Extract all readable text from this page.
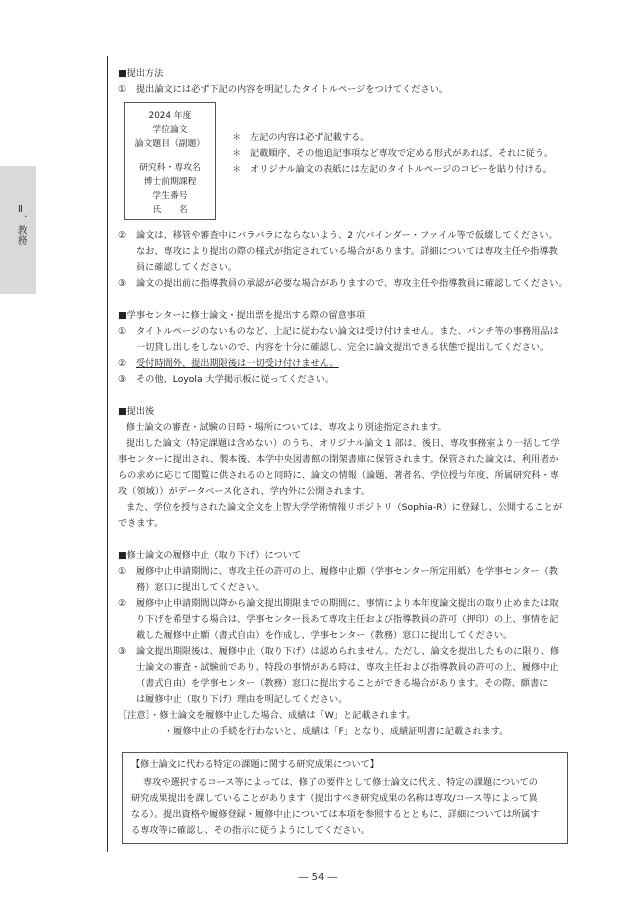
Ⅱ．教務
■提出方法
① 提出論文には必ず下記の内容を明記したタイトルページをつけてください。
2024 年度
学位論文
論文題目（副題）
研究科・専攻名
博士前期課程
学生番号
氏　　名
＊ 左記の内容は必ず記載する。
＊ 記載順序、その他追記事項など専攻で定める形式があれば、それに従う。
＊ オリジナル論文の表紙には左記のタイトルページのコピーを貼り付ける。
② 論文は、移管や審査中にバラバラにならないよう、2 穴バインダー・ファイル等で仮綴してください。
なお、専攻により提出の際の様式が指定されている場合があります。詳細については専攻主任や指導教
員に確認してください。
③ 論文の提出前に指導教員の承認が必要な場合がありますので、専攻主任や指導教員に確認してください。
■学事センターに修士論文・提出票を提出する際の留意事項
① タイトルページのないものなど、上記に従わない論文は受け付けません。また、パンチ等の事務用品は
一切貸し出しをしないので、内容を十分に確認し、完全に論文提出できる状態で提出してください。
② 受付時間外、提出期限後は一切受け付けません。
③ その他、Loyola 大学掲示板に従ってください。
■提出後
修士論文の審査・試験の日時・場所については、専攻より別途指定されます。
提出した論文（特定課題は含めない）のうち、オリジナル論文 1 部は、後日、専攻事務室より一括して学
事センターに提出され、製本後、本学中央図書館の閉架書庫に保管されます。保管された論文は、利用者か
らの求めに応じて閲覧に供されるのと同時に、論文の情報（論題、著者名、学位授与年度、所属研究科・専
攻（領域））がデータベース化され、学内外に公開されます。
また、学位を授与された論文全文を上智大学学術情報リポジトリ（Sophia-R）に登録し、公開することが
できます。
■修士論文の履修中止（取り下げ）について
① 履修中止申請期間に、専攻主任の許可の上、履修中止願（学事センター所定用紙）を学事センター（教
務）窓口に提出してください。
② 履修中止申請期間以降から論文提出期限までの期間に、事情により本年度論文提出の取り止めまたは取
り下げを希望する場合は、学事センター長あて専攻主任および指導教員の許可（押印）の上、事情を記
載した履修中止願（書式自由）を作成し、学事センター（教務）窓口に提出してください。
③ 論文提出期限後は、履修中止（取り下げ）は認められません。ただし、論文を提出したものに限り、修
士論文の審査・試験前であり、特段の事情がある時は、専攻主任および指導教員の許可の上、履修中止
（書式自由）を学事センター（教務）窓口に提出することができる場合があります。その際、願書に
は履修中止（取り下げ）理由を明記してください。
［注意］・修士論文を履修中止した場合、成績は「W」と記載されます。
・履修中止の手続を行わないと、成績は「F」となり、成績証明書に記載されます。
【修士論文に代わる特定の課題に関する研究成果について】
専攻や選択するコース等によっては、修了の要件として修士論文に代え、特定の課題についての
研究成果提出を課していることがあります（提出すべき研究成果の名称は専攻/コース等によって異
なる）。提出資格や履修登録・履修中止については本項を参照するとともに、詳細については所属す
る専攻等に確認し、その指示に従うようにしてください。
― 54 ―
